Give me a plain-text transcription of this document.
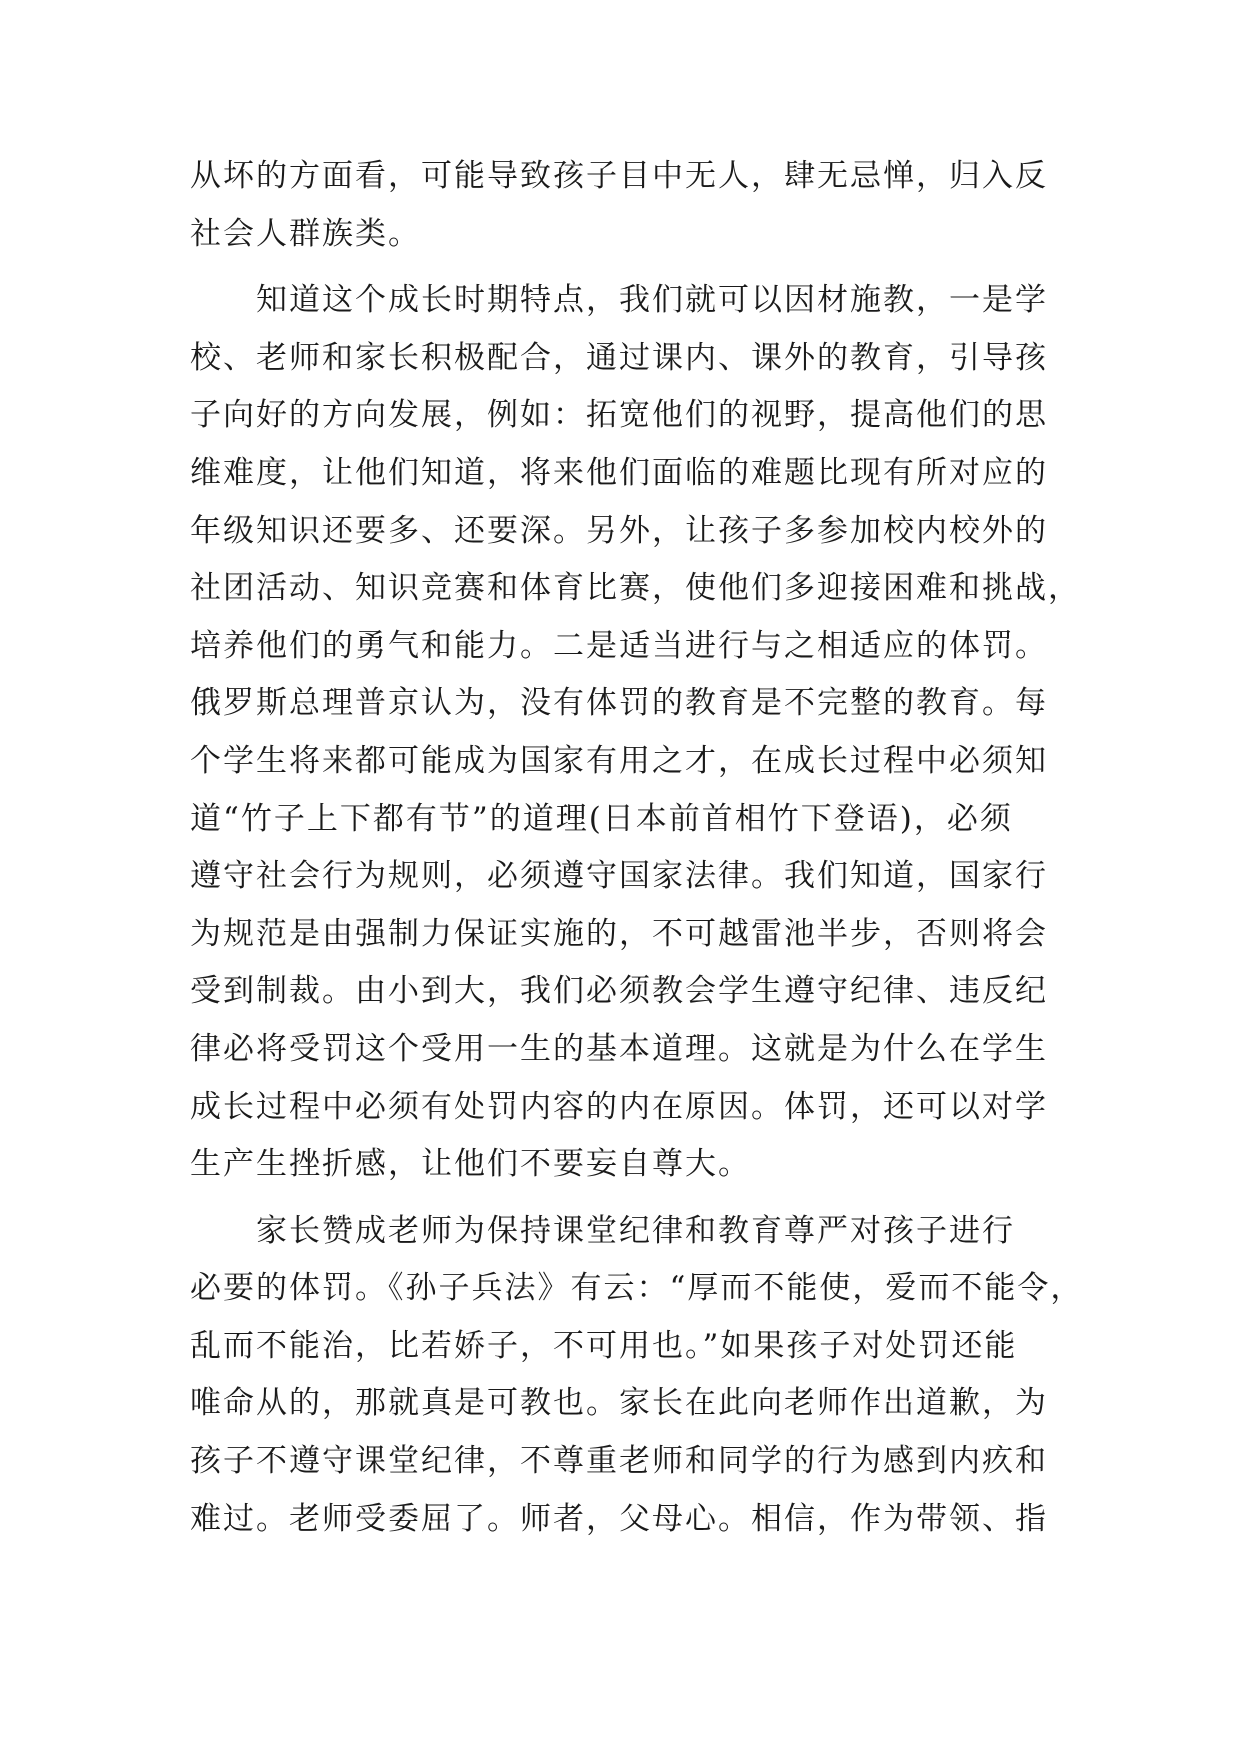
从坏的方面看，可能导致孩子目中无人，肆无忌惮，归入反
社会人群族类。
　　知道这个成长时期特点，我们就可以因材施教，一是学
校、老师和家长积极配合，通过课内、课外的教育，引导孩
子向好的方向发展，例如：拓宽他们的视野，提高他们的思
维难度，让他们知道，将来他们面临的难题比现有所对应的
年级知识还要多、还要深。另外，让孩子多参加校内校外的
社团活动、知识竞赛和体育比赛，使他们多迎接困难和挑战，
培养他们的勇气和能力。二是适当进行与之相适应的体罚。
俄罗斯总理普京认为，没有体罚的教育是不完整的教育。每
个学生将来都可能成为国家有用之才，在成长过程中必须知
道“竹子上下都有节”的道理(日本前首相竹下登语)，必须
遵守社会行为规则，必须遵守国家法律。我们知道，国家行
为规范是由强制力保证实施的，不可越雷池半步，否则将会
受到制裁。由小到大，我们必须教会学生遵守纪律、违反纪
律必将受罚这个受用一生的基本道理。这就是为什么在学生
成长过程中必须有处罚内容的内在原因。体罚，还可以对学
生产生挫折感，让他们不要妄自尊大。
　　家长赞成老师为保持课堂纪律和教育尊严对孩子进行
必要的体罚。《孙子兵法》有云：“厚而不能使，爱而不能令，
乱而不能治，比若娇子，不可用也。”如果孩子对处罚还能
唯命从的，那就真是可教也。家长在此向老师作出道歉，为
孩子不遵守课堂纪律，不尊重老师和同学的行为感到内疚和
难过。老师受委屈了。师者，父母心。相信，作为带领、指
